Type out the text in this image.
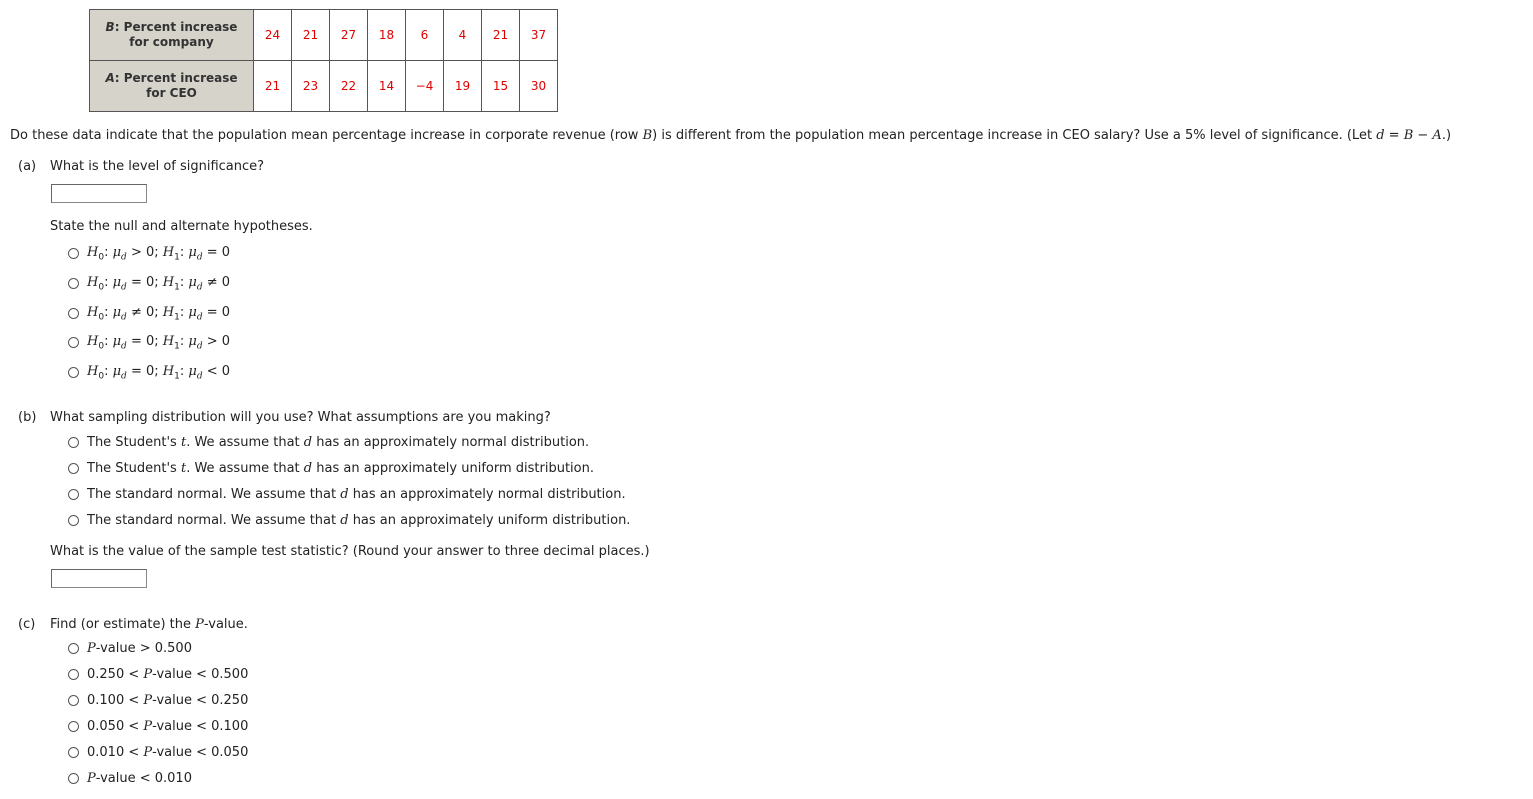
B: Percent increase
for company	24	21	27	18	6	4	21	37
A: Percent increase
for CEO	21	23	22	14	−4	19	15	30
Do these data indicate that the population mean percentage increase in corporate revenue (row B) is different from the population mean percentage increase in CEO salary? Use a 5% level of significance. (Let d = B − A.)
(a) What is the level of significance?
State the null and alternate hypotheses.
$H_0$: $\mu_d > 0$; $H_1$: $\mu_d = 0$
$H_0$: $\mu_d = 0$; $H_1$: $\mu_d \ne 0$
$H_0$: $\mu_d \ne 0$; $H_1$: $\mu_d = 0$
$H_0$: $\mu_d = 0$; $H_1$: $\mu_d > 0$
$H_0$: $\mu_d = 0$; $H_1$: $\mu_d < 0$
(b) What sampling distribution will you use? What assumptions are you making?
The Student's t. We assume that d has an approximately normal distribution.
The Student's t. We assume that d has an approximately uniform distribution.
The standard normal. We assume that d has an approximately normal distribution.
The standard normal. We assume that d has an approximately uniform distribution.
What is the value of the sample test statistic? (Round your answer to three decimal places.)
(c) Find (or estimate) the P-value.
P-value > 0.500
0.250 < P-value < 0.500
0.100 < P-value < 0.250
0.050 < P-value < 0.100
0.010 < P-value < 0.050
P-value < 0.010
